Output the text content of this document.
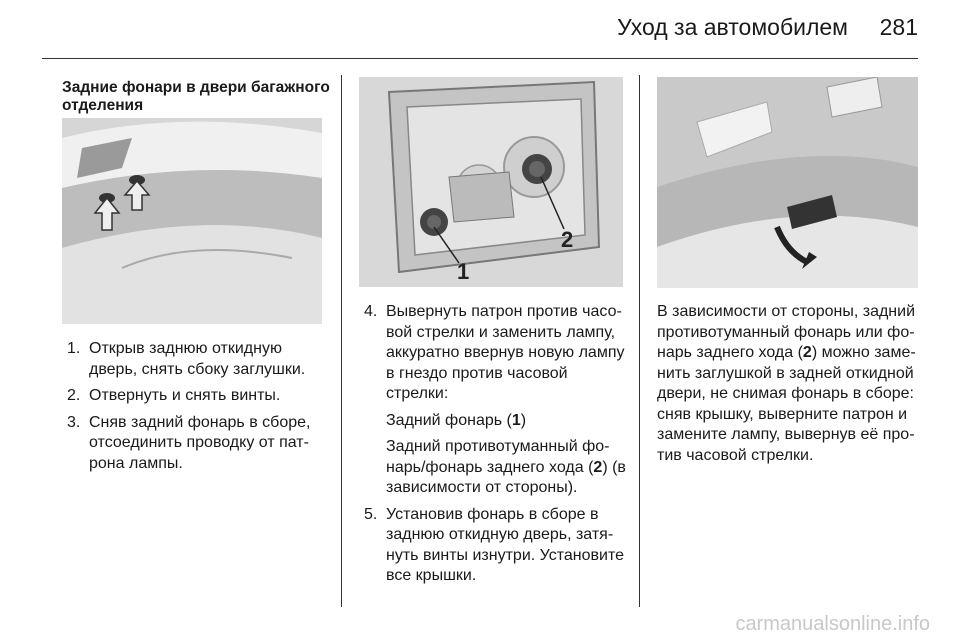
Уход за автомобилем 281
Задние фонари в двери багажного отделения
1. Открыв заднюю откидную дверь, снять сбоку заглушки.
2. Отвернуть и снять винты.
3. Сняв задний фонарь в сборе, отсоединить проводку от пат- рона лампы.
1
2
4. Вывернуть патрон против часо- вой стрелки и заменить лампу, аккуратно ввернув новую лампу в гнездо против часовой стрелки:

Задний фонарь (1)

Задний противотуманный фо- нарь/фонарь заднего хода (2) (в зависимости от стороны).

5. Установив фонарь в сборе в заднюю откидную дверь, затя- нуть винты изнутри. Установите все крышки.
В зависимости от стороны, задний противотуманный фонарь или фо- нарь заднего хода (2) можно заме- нить заглушкой в задней откидной двери, не снимая фонарь в сборе: сняв крышку, выверните патрон и замените лампу, вывернув её про- тив часовой стрелки.
carmanualsonline.info
